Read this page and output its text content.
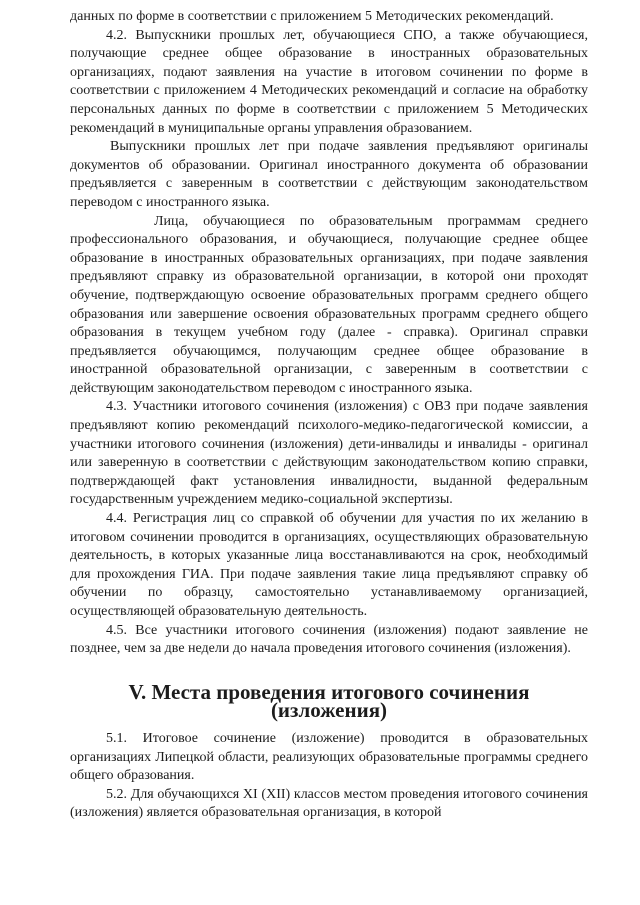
данных по форме в соответствии с приложением 5 Методических рекомендаций.

4.2. Выпускники прошлых лет, обучающиеся СПО, а также обучающиеся, получающие среднее общее образование в иностранных образовательных организациях, подают заявления на участие в итоговом сочинении по форме в соответствии с приложением 4 Методических рекомендаций и согласие на обработку персональных данных по форме в соответствии с приложением 5 Методических рекомендаций в муниципальные органы управления образованием.

Выпускники прошлых лет при подаче заявления предъявляют оригиналы документов об образовании. Оригинал иностранного документа об образовании предъявляется с заверенным в соответствии с действующим законодательством переводом с иностранного языка.

Лица, обучающиеся по образовательным программам среднего профессионального образования, и обучающиеся, получающие среднее общее образование в иностранных образовательных организациях, при подаче заявления предъявляют справку из образовательной организации, в которой они проходят обучение, подтверждающую освоение образовательных программ среднего общего образования или завершение освоения образовательных программ среднего общего образования в текущем учебном году (далее - справка). Оригинал справки предъявляется обучающимся, получающим среднее общее образование в иностранной образовательной организации, с заверенным в соответствии с действующим законодательством переводом с иностранного языка.

4.3. Участники итогового сочинения (изложения) с ОВЗ при подаче заявления предъявляют копию рекомендаций психолого-медико-педагогической комиссии, а участники итогового сочинения (изложения) дети-инвалиды и инвалиды - оригинал или заверенную в соответствии с действующим законодательством копию справки, подтверждающей факт установления инвалидности, выданной федеральным государственным учреждением медико-социальной экспертизы.

4.4. Регистрация лиц со справкой об обучении для участия по их желанию в итоговом сочинении проводится в организациях, осуществляющих образовательную деятельность, в которых указанные лица восстанавливаются на срок, необходимый для прохождения ГИА. При подаче заявления такие лица предъявляют справку об обучении по образцу, самостоятельно устанавливаемому организацией, осуществляющей образовательную деятельность.

4.5. Все участники итогового сочинения (изложения) подают заявление не позднее, чем за две недели до начала проведения итогового сочинения (изложения).

V. Места проведения итогового сочинения (изложения)

5.1. Итоговое сочинение (изложение) проводится в образовательных организациях Липецкой области, реализующих образовательные программы среднего общего образования.

5.2. Для обучающихся XI (XII) классов местом проведения итогового сочинения (изложения) является образовательная организация, в которой
